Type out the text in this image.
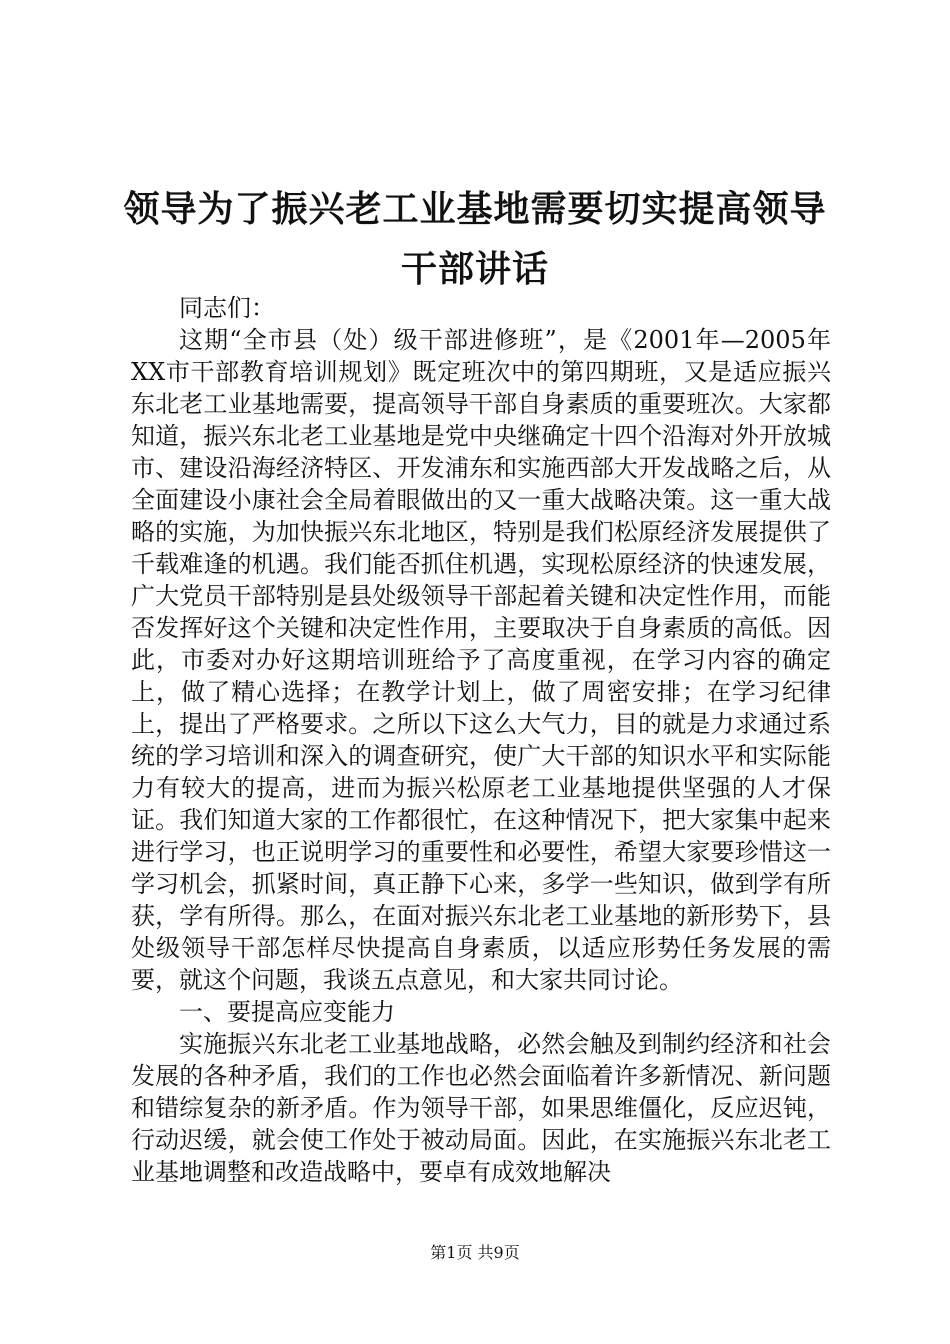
领导为了振兴老工业基地需要切实提高领导干部讲话

同志们：

这期“全市县（处）级干部进修班”，是《2001年—2005年XX市干部教育培训规划》既定班次中的第四期班，又是适应振兴东北老工业基地需要，提高领导干部自身素质的重要班次。大家都知道，振兴东北老工业基地是党中央继确定十四个沿海对外开放城市、建设沿海经济特区、开发浦东和实施西部大开发战略之后，从全面建设小康社会全局着眼做出的又一重大战略决策。这一重大战略的实施，为加快振兴东北地区，特别是我们松原经济发展提供了千载难逢的机遇。我们能否抓住机遇，实现松原经济的快速发展，广大党员干部特别是县处级领导干部起着关键和决定性作用，而能否发挥好这个关键和决定性作用，主要取决于自身素质的高低。因此，市委对办好这期培训班给予了高度重视，在学习内容的确定上，做了精心选择；在教学计划上，做了周密安排；在学习纪律上，提出了严格要求。之所以下这么大气力，目的就是力求通过系统的学习培训和深入的调查研究，使广大干部的知识水平和实际能力有较大的提高，进而为振兴松原老工业基地提供坚强的人才保证。我们知道大家的工作都很忙，在这种情况下，把大家集中起来进行学习，也正说明学习的重要性和必要性，希望大家要珍惜这一学习机会，抓紧时间，真正静下心来，多学一些知识，做到学有所获，学有所得。那么，在面对振兴东北老工业基地的新形势下，县处级领导干部怎样尽快提高自身素质，以适应形势任务发展的需要，就这个问题，我谈五点意见，和大家共同讨论。

一、要提高应变能力

实施振兴东北老工业基地战略，必然会触及到制约经济和社会发展的各种矛盾，我们的工作也必然会面临着许多新情况、新问题和错综复杂的新矛盾。作为领导干部，如果思维僵化，反应迟钝，行动迟缓，就会使工作处于被动局面。因此，在实施振兴东北老工业基地调整和改造战略中，要卓有成效地解决

第1页 共9页
